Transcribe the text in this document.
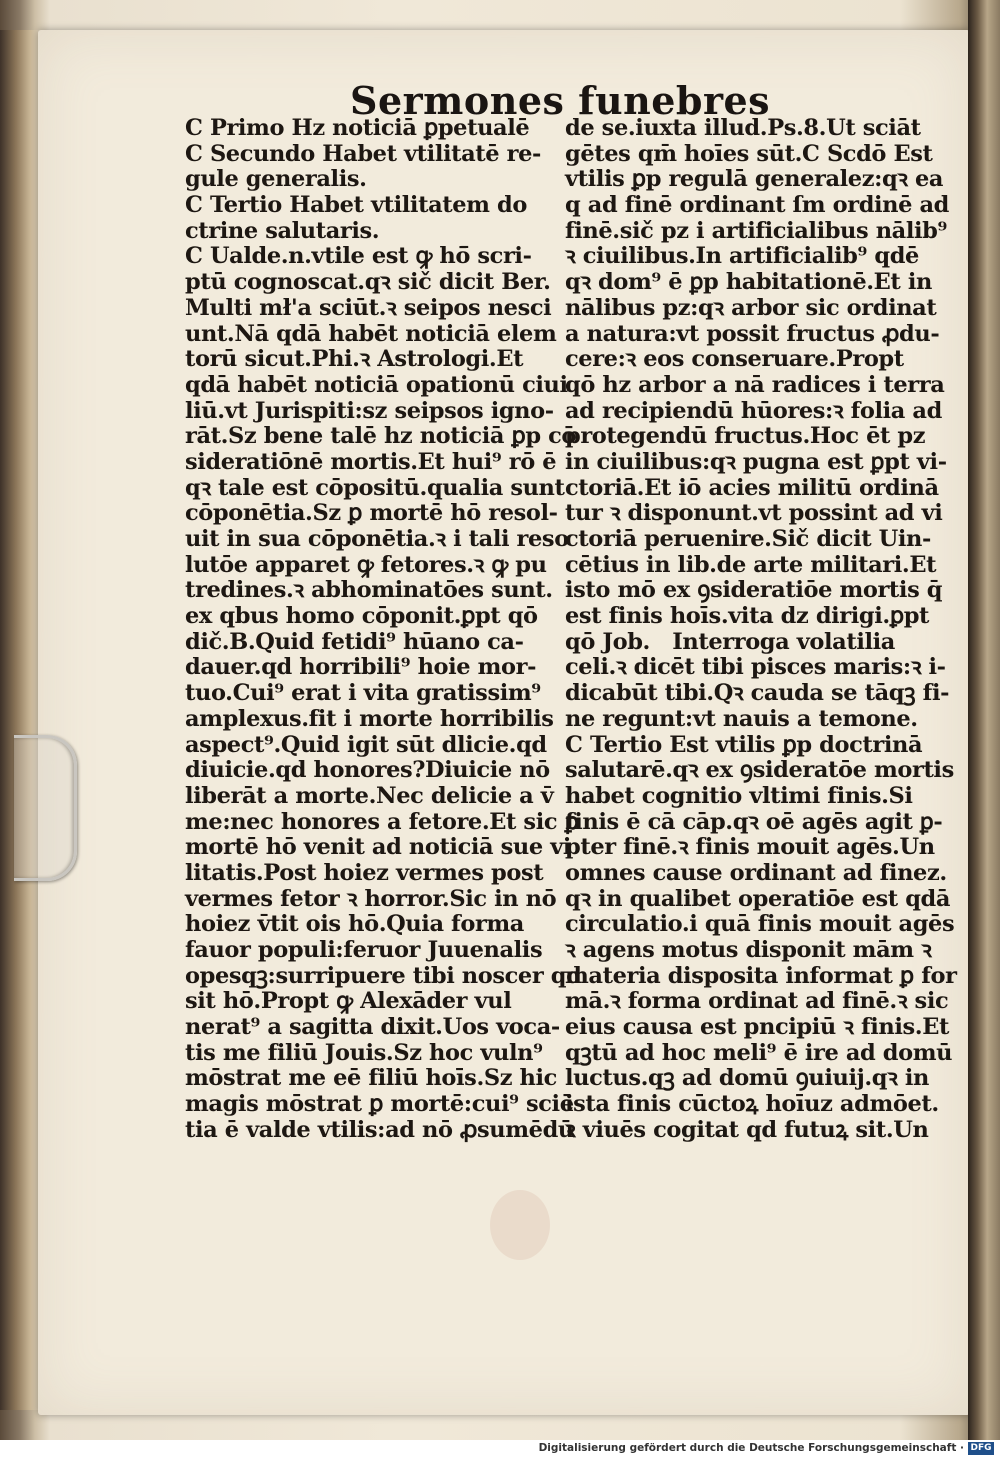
Sermones funebres
C Primo Hz noticiā ꝑpetualē
C Secundo Habet vtilitatē re-
gule generalis.
C Tertio Habet vtilitatem do
ctrine salutaris.
C Ualde.n.vtile est ꝙ hō̄ scri-
ptū cognoscat.qꝛ sič dicit Ber.
Multi mł'a sciūt.ꝛ seipos nesci
unt.Nā qdā habēt noticiā elem
torū sicut.Phi.ꝛ Astrologi.Et
qdā habēt noticiā opationū ciui
liū.vt Jurispiti:sz seipsos igno-
rāt.Sz bene talē hz noticiā ꝑp cō
sideratiōnē mortis.Et hui⁹ rō ē
qꝛ tale est cōpositū.qualia sunt
cōponētia.Sz ꝑ mortē hō resol-
uit in sua cōponētia.ꝛ i tali reso
lutōe apparet ꝙ fetores.ꝛ ꝙ pu
tredines.ꝛ abhominatōes sunt.
ex qbus homo cōponit.ꝑpt qō
dič.B.Quid fetidi⁹ hūano ca-
dauer.qd horribili⁹ hoie mor-
tuo.Cui⁹ erat i vita gratissim⁹
amplexus.fit i morte horribilis
aspect⁹.Quid igit sūt dlicie.qd
diuicie.qd honores?Diuicie nō
liberāt a morte.Nec delicie a v̄
me:nec honores a fetore.Et sic ꝑ
mortē hō venit ad noticiā sue vi
litatis.Post hoiez vermes post
vermes fetor ꝛ horror.Sic in nō
hoiez v̄tit ois hō.Quia forma
fauor populi:feruor Juuenalis
opesqꝫ:surripuere tibi noscer qd
sit hō.Propt ꝙ Alexāder vul
nerat⁹ a sagitta dixit.Uos voca-
tis me filiū Jouis.Sz hoc vuln⁹
mōstrat me eē filiū hoīs.Sz hic
magis mōstrat ꝑ mortē:cui⁹ sciē
tia ē valde vtilis:ad nō ꝓsumēdū
de se.iuxta illud.Ps.8.Ut sciāt
gētes qm̄ hoīes sūt.C Scdō Est
vtilis ꝑp regulā generalez:qꝛ ea
q ad finē ordinant ſm ordinē ad
finē.sič pz i artificialibus nālib⁹
ꝛ ciuilibus.In artificialib⁹ qdē
qꝛ dom⁹ ē ꝑp habitationē.Et in
nālibus pz:qꝛ arbor sic ordinat
a natura:vt possit fructus ꝓdu-
cere:ꝛ eos conseruare.Propt
qō hz arbor a nā radices i terra
ad recipiendū hūores:ꝛ folia ad
protegendū fructus.Hoc ēt pz
in ciuilibus:qꝛ pugna est ꝑpt vi-
ctoriā.Et iō acies militū ordinā
tur ꝛ disponunt.vt possint ad vi
ctoriā peruenire.Sič dicit Uin-
cētius in lib.de arte militari.Et
isto mō ex ꝯsideratiōe mortis q̄
est finis hoīs.vita dz dirigi.ꝑpt
qō Job.   Interroga volatilia
celi.ꝛ dicēt tibi pisces maris:ꝛ i-
dicabūt tibi.Qꝛ cauda se tāqꝫ fi-
ne regunt:vt nauis a temone.
C Tertio Est vtilis ꝑp doctrinā
salutarē.qꝛ ex ꝯsideratōe mortis
habet cognitio vltimi finis.Si
finis ē cā cāp.qꝛ oē agēs agit ꝑ-
pter finē.ꝛ finis mouit agēs.Un
omnes cause ordinant ad finez.
qꝛ in qualibet operatiōe est qdā
circulatio.i quā finis mouit agēs
ꝛ agens motus disponit mām ꝛ
materia disposita informat ꝑ for
mā.ꝛ forma ordinat ad finē.ꝛ sic
eius causa est pncipiū ꝛ finis.Et
qꝫtū ad hoc meli⁹ ē ire ad domū
luctus.qꝫ ad domū ꝯuiuij.qꝛ in
ista finis cūctoꝝ hoīuz admōet.
ꝛ viuēs cogitat qd futuꝝ sit.Un
Digitalisierung gefördert durch die Deutsche Forschungsgemeinschaft · DFG
